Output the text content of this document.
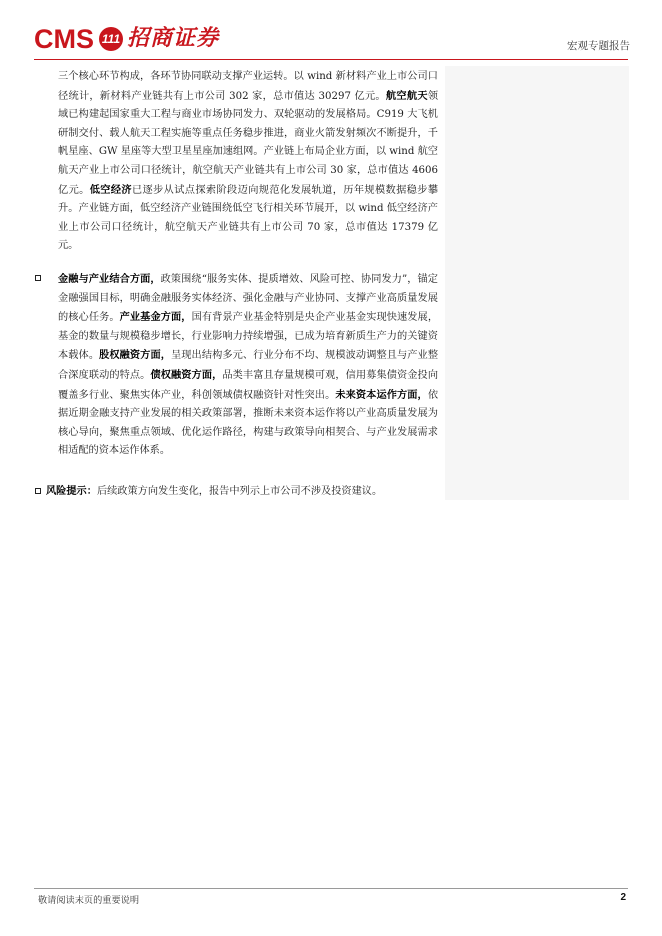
CMS 111 招商证券	宏观专题报告

三个核心环节构成，各环节协同联动支撑产业运转。以 wind 新材料产业上市公司口径统计，新材料产业链共有上市公司 302 家，总市值达 30297 亿元。航空航天领域已构建起国家重大工程与商业市场协同发力、双轮驱动的发展格局。C919 大飞机研制交付、载人航天工程实施等重点任务稳步推进，商业火箭发射频次不断提升，千帆星座、GW 星座等大型卫星星座加速组网。产业链上布局企业方面，以 wind 航空航天产业上市公司口径统计，航空航天产业链共有上市公司 30 家，总市值达 4606 亿元。低空经济已逐步从试点探索阶段迈向规范化发展轨道，历年规模数据稳步攀升。产业链方面，低空经济产业链围绕低空飞行相关环节展开，以 wind 低空经济产业上市公司口径统计，航空航天产业链共有上市公司 70 家，总市值达 17379 亿元。

金融与产业结合方面，政策围绕“服务实体、提质增效、风险可控、协同发力”，锚定金融强国目标，明确金融服务实体经济、强化金融与产业协同、支撑产业高质量发展的核心任务。产业基金方面，国有背景产业基金特别是央企产业基金实现快速发展，基金的数量与规模稳步增长，行业影响力持续增强，已成为培育新质生产力的关键资本载体。股权融资方面，呈现出结构多元、行业分布不均、规模波动调整且与产业整合深度联动的特点。债权融资方面，品类丰富且存量规模可观，信用募集债资金投向覆盖多行业、聚焦实体产业，科创领域债权融资针对性突出。未来资本运作方面，依据近期金融支持产业发展的相关政策部署，推断未来资本运作将以产业高质量发展为核心导向，聚焦重点领域、优化运作路径，构建与政策导向相契合、与产业发展需求相适配的资本运作体系。

风险提示：后续政策方向发生变化，报告中列示上市公司不涉及投资建议。
敬请阅读末页的重要说明	2
